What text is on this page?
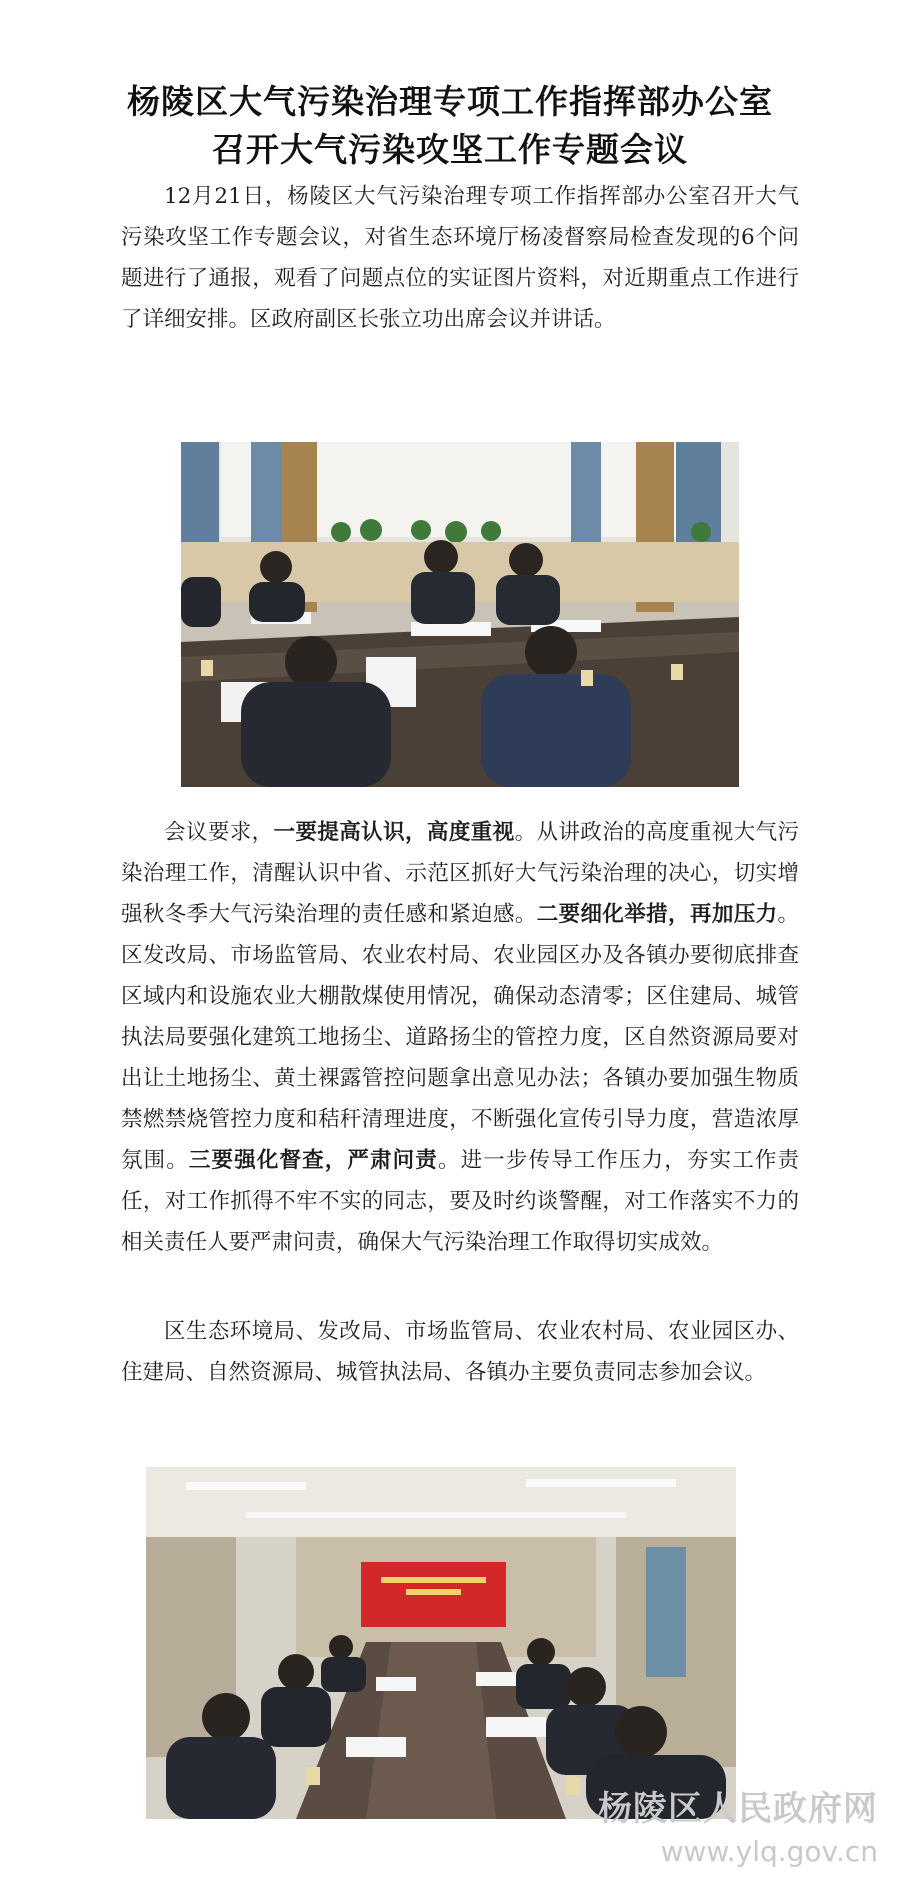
杨陵区大气污染治理专项工作指挥部办公室
召开大气污染攻坚工作专题会议

12月21日，杨陵区大气污染治理专项工作指挥部办公室召开大气污染攻坚工作专题会议，对省生态环境厅杨凌督察局检查发现的6个问题进行了通报，观看了问题点位的实证图片资料，对近期重点工作进行了详细安排。区政府副区长张立功出席会议并讲话。

会议要求，一要提高认识，高度重视。从讲政治的高度重视大气污染治理工作，清醒认识中省、示范区抓好大气污染治理的决心，切实增强秋冬季大气污染治理的责任感和紧迫感。二要细化举措，再加压力。区发改局、市场监管局、农业农村局、农业园区办及各镇办要彻底排查区域内和设施农业大棚散煤使用情况，确保动态清零；区住建局、城管执法局要强化建筑工地扬尘、道路扬尘的管控力度，区自然资源局要对出让土地扬尘、黄土裸露管控问题拿出意见办法；各镇办要加强生物质禁燃禁烧管控力度和秸秆清理进度，不断强化宣传引导力度，营造浓厚氛围。三要强化督查，严肃问责。进一步传导工作压力，夯实工作责任，对工作抓得不牢不实的同志，要及时约谈警醒，对工作落实不力的相关责任人要严肃问责，确保大气污染治理工作取得切实成效。

区生态环境局、发改局、市场监管局、农业农村局、农业园区办、住建局、自然资源局、城管执法局、各镇办主要负责同志参加会议。

杨陵区人民政府网
www.ylq.gov.cn
